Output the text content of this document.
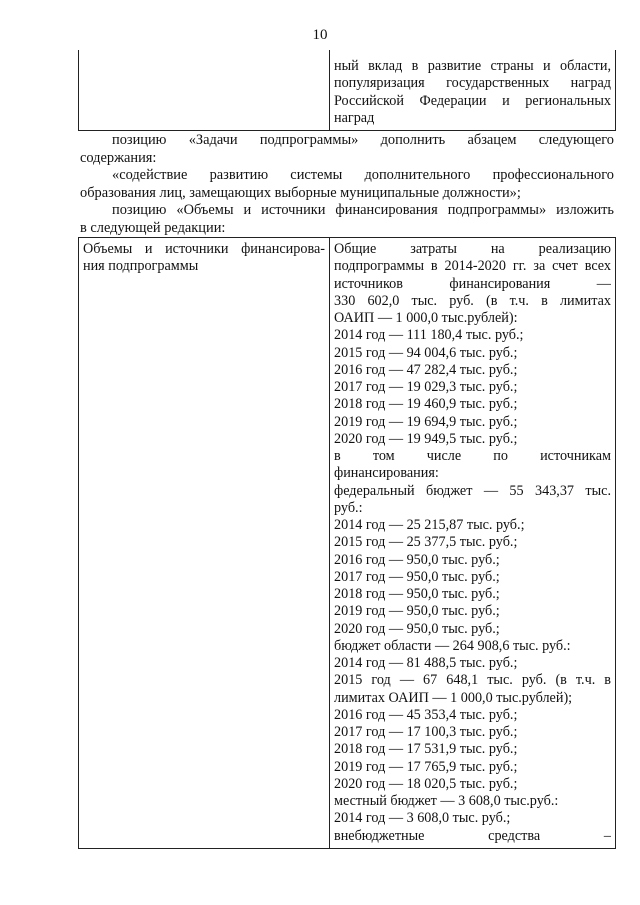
10
ный вклад в развитие страны и области,
популяризация государственных наград
Российской Федерации и региональных
наград
позицию «Задачи подпрограммы» дополнить абзацем следующего
содержания:
«содействие развитию системы дополнительного профессионального
образования лиц, замещающих выборные муниципальные должности»;
позицию «Объемы и источники финансирования подпрограммы» изложить
в следующей редакции:
Объемы и источники финансирова-
ния подпрограммы
Общие затраты на реализацию
подпрограммы в 2014-2020 гг. за счет всех
источников финансирования —
330 602,0 тыс. руб. (в т.ч. в лимитах
ОАИП — 1 000,0 тыс.рублей):
2014 год — 111 180,4 тыс. руб.;
2015 год — 94 004,6 тыс. руб.;
2016 год — 47 282,4 тыс. руб.;
2017 год — 19 029,3 тыс. руб.;
2018 год — 19 460,9 тыс. руб.;
2019 год — 19 694,9 тыс. руб.;
2020 год — 19 949,5 тыс. руб.;
в том числе по источникам
финансирования:
федеральный бюджет — 55 343,37 тыс.
руб.:
2014 год — 25 215,87 тыс. руб.;
2015 год — 25 377,5 тыс. руб.;
2016 год — 950,0 тыс. руб.;
2017 год — 950,0 тыс. руб.;
2018 год — 950,0 тыс. руб.;
2019 год — 950,0 тыс. руб.;
2020 год — 950,0 тыс. руб.;
бюджет области — 264 908,6 тыс. руб.:
2014 год — 81 488,5 тыс. руб.;
2015 год — 67 648,1 тыс. руб. (в т.ч. в
лимитах ОАИП — 1 000,0 тыс.рублей);
2016 год — 45 353,4 тыс. руб.;
2017 год — 17 100,3 тыс. руб.;
2018 год — 17 531,9 тыс. руб.;
2019 год — 17 765,9 тыс. руб.;
2020 год — 18 020,5 тыс. руб.;
местный бюджет — 3 608,0 тыс.руб.:
2014 год — 3 608,0 тыс. руб.;
внебюджетные средства –
